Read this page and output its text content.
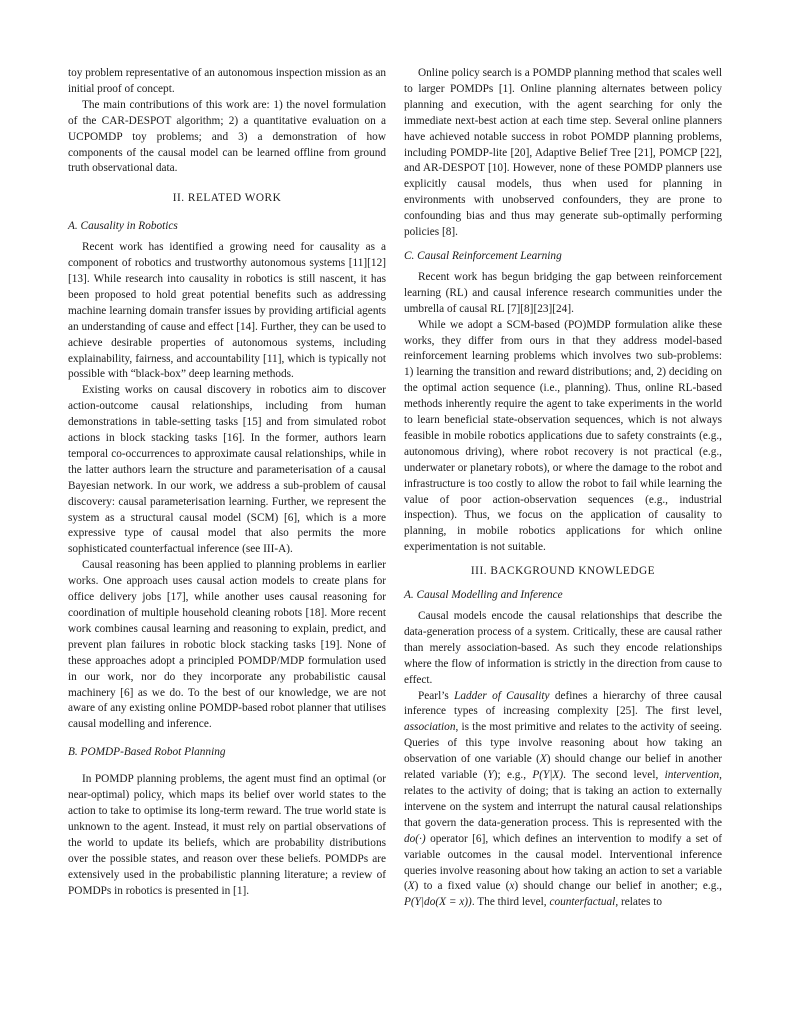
toy problem representative of an autonomous inspection mission as an initial proof of concept.

The main contributions of this work are: 1) the novel formulation of the CAR-DESPOT algorithm; 2) a quantitative evaluation on a UCPOMDP toy problems; and 3) a demonstration of how components of the causal model can be learned offline from ground truth observational data.

II. RELATED WORK
A. Causality in Robotics

Recent work has identified a growing need for causality as a component of robotics and trustworthy autonomous systems [11][12][13]. While research into causality in robotics is still nascent, it has been proposed to hold great potential benefits such as addressing machine learning domain transfer issues by providing artificial agents an understanding of cause and effect [14]. Further, they can be used to achieve desirable properties of autonomous systems, including explainability, fairness, and accountability [11], which is typically not possible with “black-box” deep learning methods.

Existing works on causal discovery in robotics aim to discover action-outcome causal relationships, including from human demonstrations in table-setting tasks [15] and from simulated robot actions in block stacking tasks [16]. In the former, authors learn temporal co-occurrences to approximate causal relationships, while in the latter authors learn the structure and parameterisation of a causal Bayesian network. In our work, we address a sub-problem of causal discovery: causal parameterisation learning. Further, we represent the system as a structural causal model (SCM) [6], which is a more expressive type of causal model that also permits the more sophisticated counterfactual inference (see III-A).

Causal reasoning has been applied to planning problems in earlier works. One approach uses causal action models to create plans for office delivery jobs [17], while another uses causal reasoning for coordination of multiple household cleaning robots [18]. More recent work combines causal learning and reasoning to explain, predict, and prevent plan failures in robotic block stacking tasks [19]. None of these approaches adopt a principled POMDP/MDP formulation used in our work, nor do they incorporate any probabilistic causal machinery [6] as we do. To the best of our knowledge, we are not aware of any existing online POMDP-based robot planner that utilises causal modelling and inference.

B. POMDP-Based Robot Planning

In POMDP planning problems, the agent must find an optimal (or near-optimal) policy, which maps its belief over world states to the action to take to optimise its long-term reward. The true world state is unknown to the agent. Instead, it must rely on partial observations of the world to update its beliefs, which are probability distributions over the possible states, and reason over these beliefs. POMDPs are extensively used in the probabilistic planning literature; a review of POMDPs in robotics is presented in [1].

Online policy search is a POMDP planning method that scales well to larger POMDPs [1]. Online planning alternates between policy planning and execution, with the agent searching for only the immediate next-best action at each time step. Several online planners have achieved notable success in robot POMDP planning problems, including POMDP-lite [20], Adaptive Belief Tree [21], POMCP [22], and AR-DESPOT [10]. However, none of these POMDP planners use explicitly causal models, thus when used for planning in environments with unobserved confounders, they are prone to confounding bias and thus may generate sub-optimally performing policies [8].

C. Causal Reinforcement Learning

Recent work has begun bridging the gap between reinforcement learning (RL) and causal inference research communities under the umbrella of causal RL [7][8][23][24].

While we adopt a SCM-based (PO)MDP formulation alike these works, they differ from ours in that they address model-based reinforcement learning problems which involves two sub-problems: 1) learning the transition and reward distributions; and, 2) deciding on the optimal action sequence (i.e., planning). Thus, online RL-based methods inherently require the agent to take experiments in the world to learn beneficial state-observation sequences, which is not always feasible in mobile robotics applications due to safety constraints (e.g., autonomous driving), where robot recovery is not practical (e.g., underwater or planetary robots), or where the damage to the robot and infrastructure is too costly to allow the robot to fail while learning the value of poor action-observation sequences (e.g., industrial inspection). Thus, we focus on the application of causality to planning, in mobile robotics applications for which online experimentation is not suitable.

III. BACKGROUND KNOWLEDGE
A. Causal Modelling and Inference

Causal models encode the causal relationships that describe the data-generation process of a system. Critically, these are causal rather than merely association-based. As such they encode relationships where the flow of information is strictly in the direction from cause to effect.

Pearl’s Ladder of Causality defines a hierarchy of three causal inference types of increasing complexity [25]. The first level, association, is the most primitive and relates to the activity of seeing. Queries of this type involve reasoning about how taking an observation of one variable (X) should change our belief in another related variable (Y); e.g., P(Y|X). The second level, intervention, relates to the activity of doing; that is taking an action to externally intervene on the system and interrupt the natural causal relationships that govern the data-generation process. This is represented with the do(·) operator [6], which defines an intervention to modify a set of variable outcomes in the causal model. Interventional inference queries involve reasoning about how taking an action to set a variable (X) to a fixed value (x) should change our belief in another; e.g., P(Y|do(X = x)). The third level, counterfactual, relates to
